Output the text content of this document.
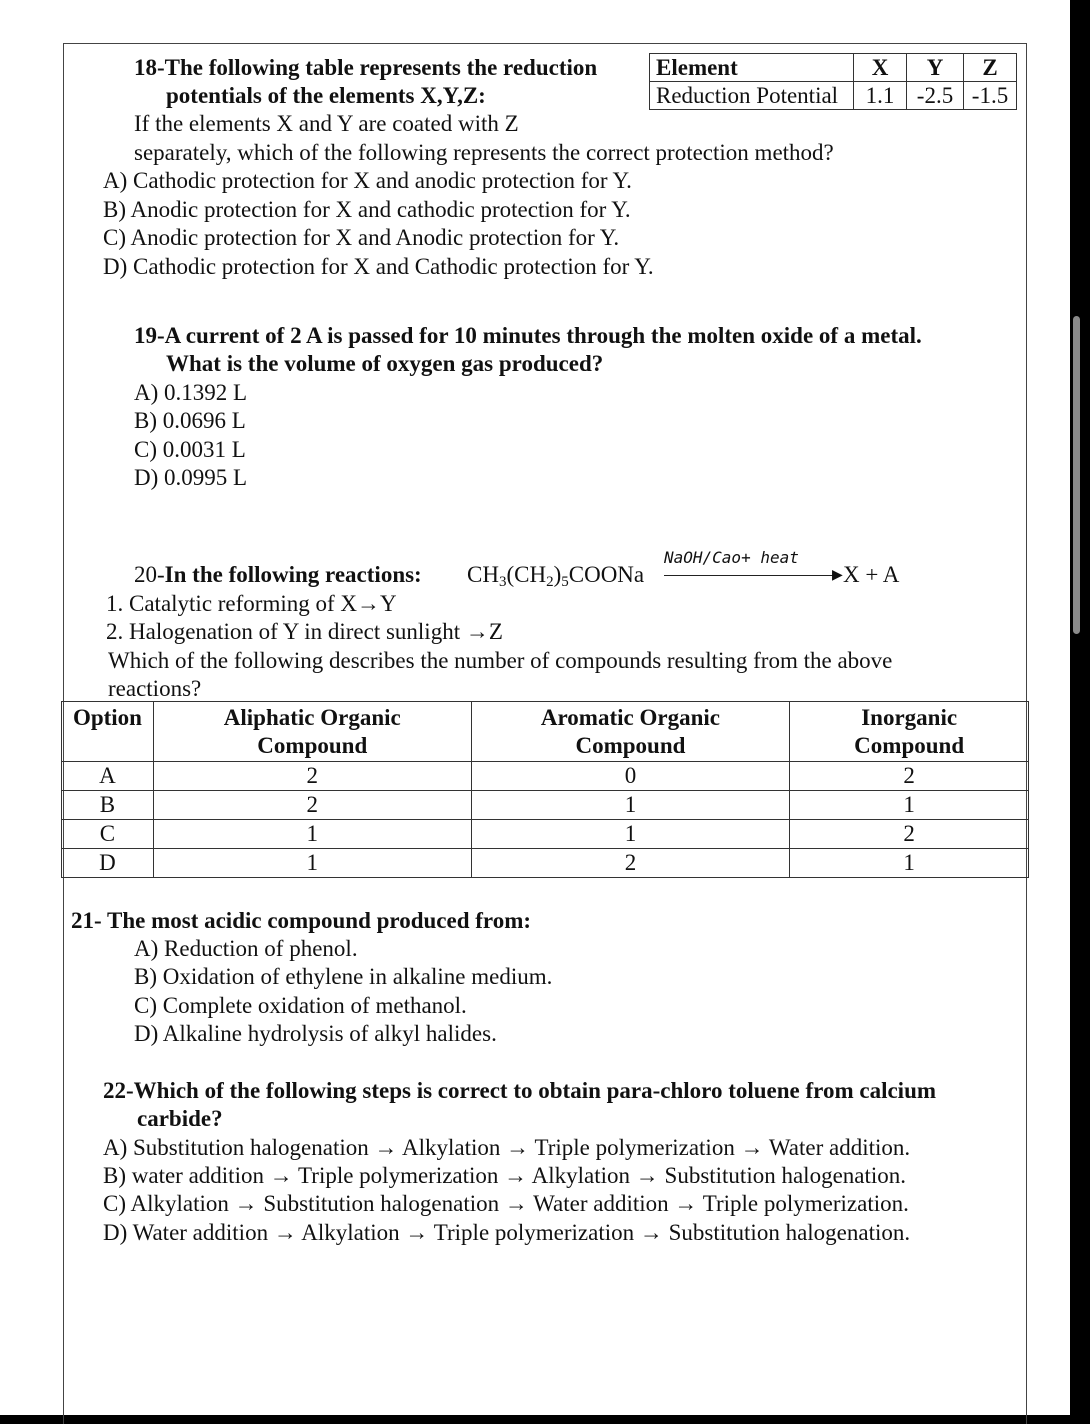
18-The following table represents the reduction
potentials of the elements X,Y,Z:
If the elements X and Y are coated with Z
separately, which of the following represents the correct protection method?
A) Cathodic protection for X and anodic protection for Y.
B) Anodic protection for X and cathodic protection for Y.
C) Anodic protection for X and Anodic protection for Y.
D) Cathodic protection for X and Cathodic protection for Y.
Element	X	Y	Z
Reduction Potential	1.1	-2.5	-1.5
19-A current of 2 A is passed for 10 minutes through the molten oxide of a metal.
What is the volume of oxygen gas produced?
A) 0.1392 L
B) 0.0696 L
C) 0.0031 L
D) 0.0995 L
20-In the following reactions: $CH_3(CH_2)_5COONa$
NaOH/Cao+ heat
▶ X + A
1. Catalytic reforming of X→Y
2. Halogenation of Y in direct sunlight →Z
Which of the following describes the number of compounds resulting from the above
reactions?
Option	Aliphatic Organic Compound	Aromatic Organic Compound	Inorganic Compound

A	2	0	2
B	2	1	1
C	1	1	2
D	1	2	1
21- The most acidic compound produced from:
A) Reduction of phenol.
B) Oxidation of ethylene in alkaline medium.
C) Complete oxidation of methanol.
D) Alkaline hydrolysis of alkyl halides.
22-Which of the following steps is correct to obtain para-chloro toluene from calcium
carbide?
A) Substitution halogenation → Alkylation → Triple polymerization → Water addition.
B) water addition → Triple polymerization → Alkylation → Substitution halogenation.
C) Alkylation → Substitution halogenation → Water addition → Triple polymerization.
D) Water addition → Alkylation → Triple polymerization → Substitution halogenation.
